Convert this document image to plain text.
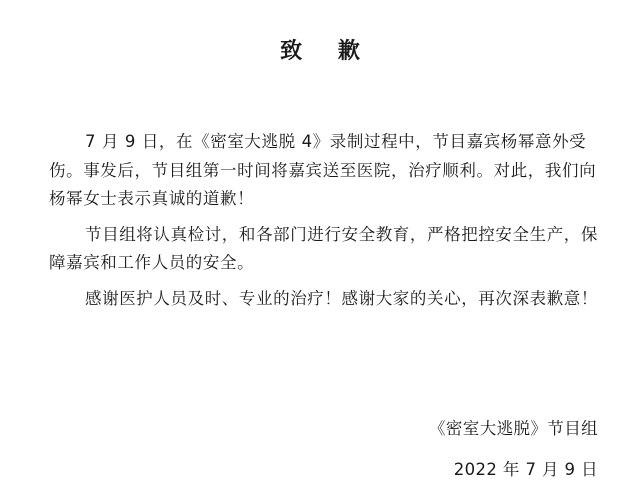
致 歉

7 月 9 日，在《密室大逃脱 4》录制过程中，节目嘉宾杨幂意外受伤。事发后，节目组第一时间将嘉宾送至医院，治疗顺利。对此，我们向杨幂女士表示真诚的道歉！

节目组将认真检讨，和各部门进行安全教育，严格把控安全生产，保障嘉宾和工作人员的安全。

感谢医护人员及时、专业的治疗！感谢大家的关心，再次深表歉意！

《密室大逃脱》节目组
2022 年 7 月 9 日
